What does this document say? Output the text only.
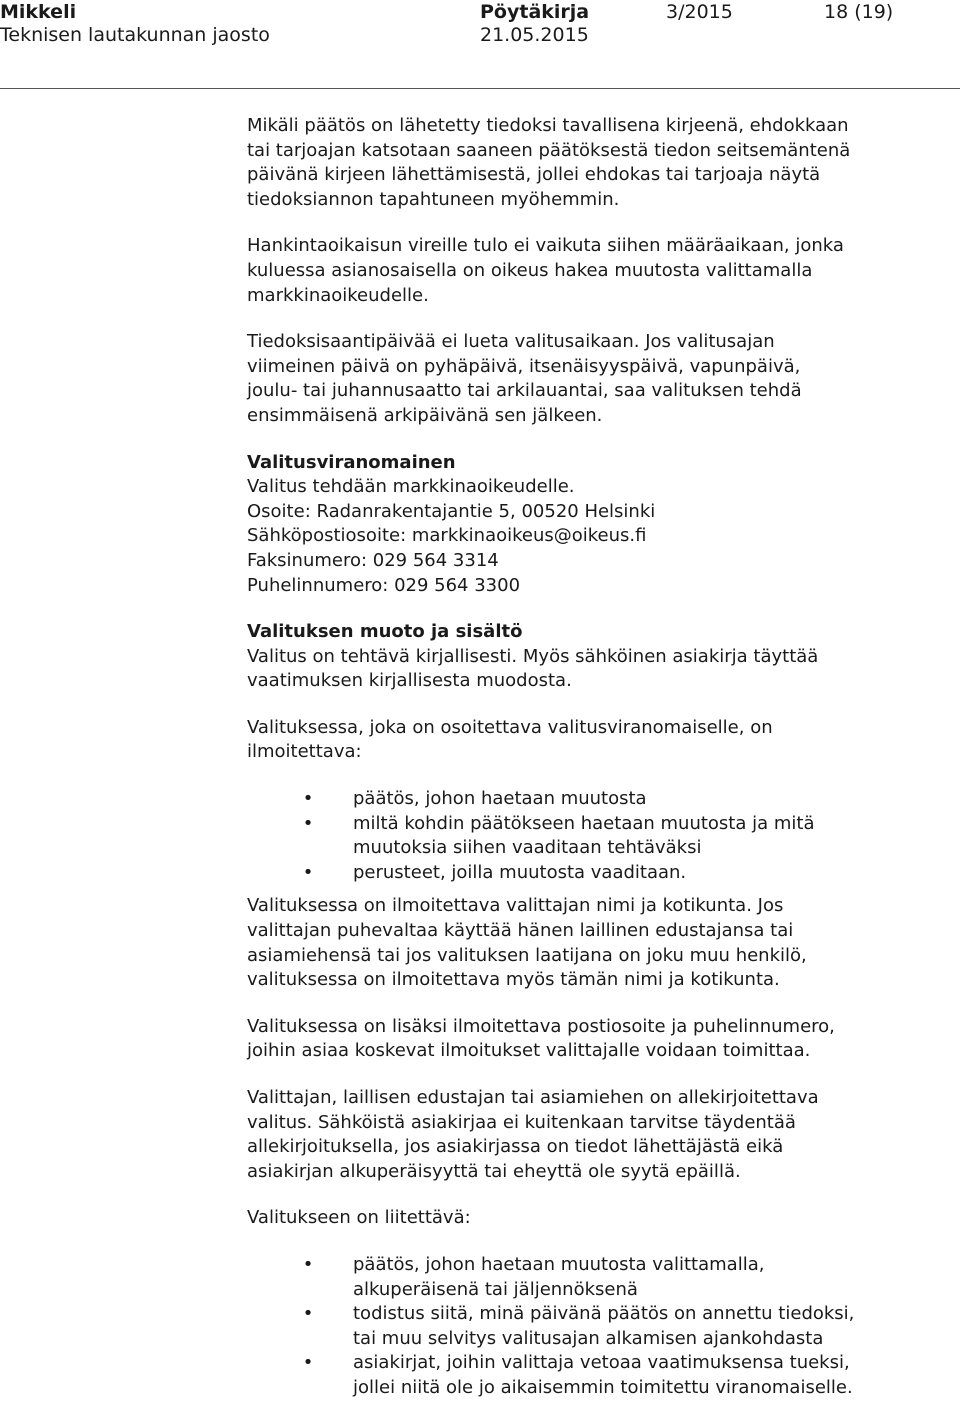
Mikkeli
Teknisen lautakunnan jaosto
Pöytäkirja
21.05.2015
3/2015	18 (19)

Mikäli päätös on lähetetty tiedoksi tavallisena kirjeenä, ehdokkaan
tai tarjoajan katsotaan saaneen päätöksestä tiedon seitsemäntenä
päivänä kirjeen lähettämisestä, jollei ehdokas tai tarjoaja näytä
tiedoksiannon tapahtuneen myöhemmin.

Hankintaoikaisun vireille tulo ei vaikuta siihen määräaikaan, jonka
kuluessa asianosaisella on oikeus hakea muutosta valittamalla
markkinaoikeudelle.

Tiedoksisaantipäivää ei lueta valitusaikaan. Jos valitusajan
viimeinen päivä on pyhäpäivä, itsenäisyyspäivä, vapunpäivä,
joulu- tai juhannusaatto tai arkilauantai, saa valituksen tehdä
ensimmäisenä arkipäivänä sen jälkeen.

Valitusviranomainen
Valitus tehdään markkinaoikeudelle.
Osoite: Radanrakentajantie 5, 00520 Helsinki
Sähköpostiosoite: markkinaoikeus@oikeus.fi
Faksinumero: 029 564 3314
Puhelinnumero: 029 564 3300
Valituksen muoto ja sisältö
Valitus on tehtävä kirjallisesti. Myös sähköinen asiakirja täyttää
vaatimuksen kirjallisesta muodosta.

Valituksessa, joka on osoitettava valitusviranomaiselle, on
ilmoitettava:

• päätös, johon haetaan muutosta
• miltä kohdin päätökseen haetaan muutosta ja mitä
muutoksia siihen vaaditaan tehtäväksi
• perusteet, joilla muutosta vaaditaan.

Valituksessa on ilmoitettava valittajan nimi ja kotikunta. Jos
valittajan puhevaltaa käyttää hänen laillinen edustajansa tai
asiamiehensä tai jos valituksen laatijana on joku muu henkilö,
valituksessa on ilmoitettava myös tämän nimi ja kotikunta.

Valituksessa on lisäksi ilmoitettava postiosoite ja puhelinnumero,
joihin asiaa koskevat ilmoitukset valittajalle voidaan toimittaa.

Valittajan, laillisen edustajan tai asiamiehen on allekirjoitettava
valitus. Sähköistä asiakirjaa ei kuitenkaan tarvitse täydentää
allekirjoituksella, jos asiakirjassa on tiedot lähettäjästä eikä
asiakirjan alkuperäisyyttä tai eheyttä ole syytä epäillä.

Valitukseen on liitettävä:

• päätös, johon haetaan muutosta valittamalla,
alkuperäisenä tai jäljennöksenä
• todistus siitä, minä päivänä päätös on annettu tiedoksi,
tai muu selvitys valitusajan alkamisen ajankohdasta
• asiakirjat, joihin valittaja vetoaa vaatimuksensa tueksi,
jollei niitä ole jo aikaisemmin toimitettu viranomaiselle.
